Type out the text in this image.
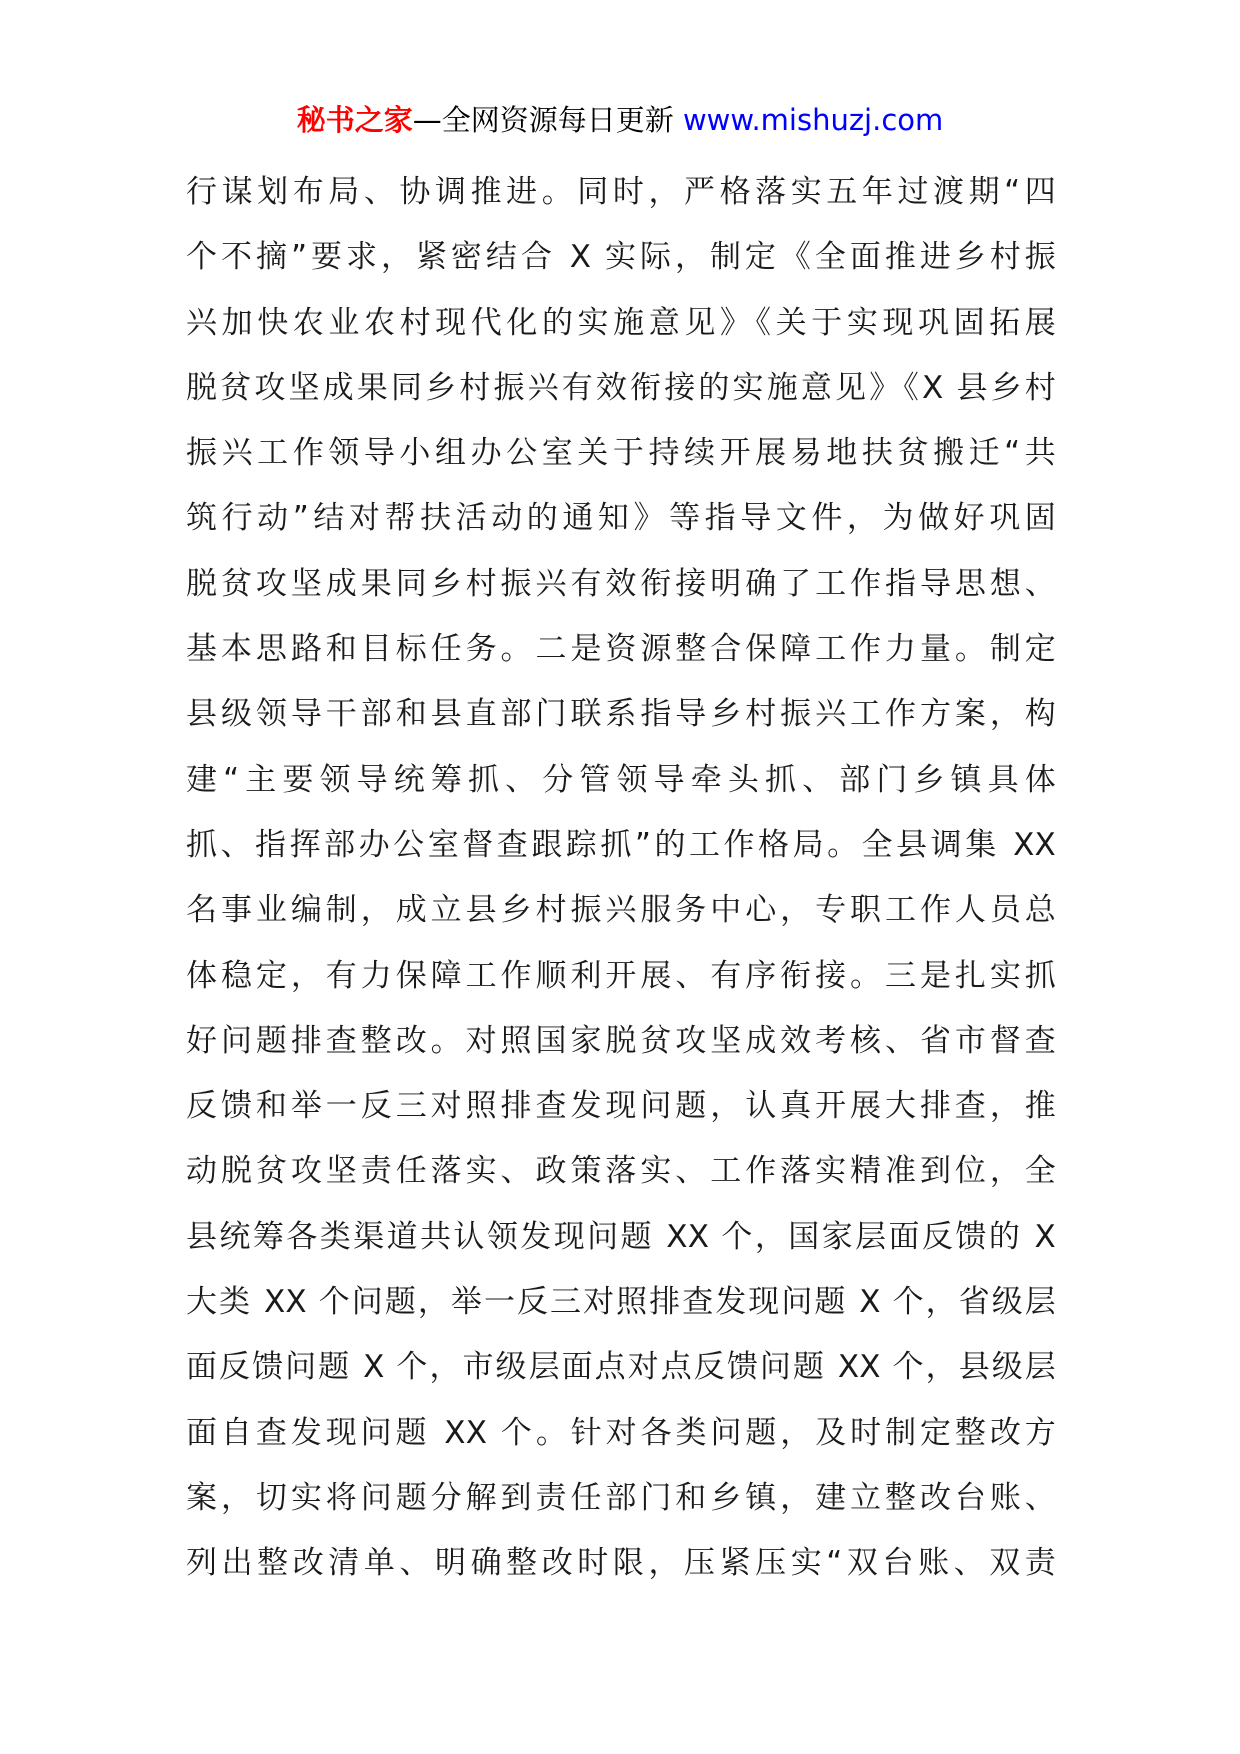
秘书之家—全网资源每日更新 www.mishuzj.com
行谋划布局、协调推进。同时，严格落实五年过渡期“四
个不摘”要求，紧密结合 X 实际，制定《全面推进乡村振
兴加快农业农村现代化的实施意见》《关于实现巩固拓展
脱贫攻坚成果同乡村振兴有效衔接的实施意见》《X 县乡村
振兴工作领导小组办公室关于持续开展易地扶贫搬迁“共
筑行动”结对帮扶活动的通知》等指导文件，为做好巩固
脱贫攻坚成果同乡村振兴有效衔接明确了工作指导思想、
基本思路和目标任务。二是资源整合保障工作力量。制定
县级领导干部和县直部门联系指导乡村振兴工作方案，构
建“主要领导统筹抓、分管领导牵头抓、部门乡镇具体
抓、指挥部办公室督查跟踪抓”的工作格局。全县调集 XX
名事业编制，成立县乡村振兴服务中心，专职工作人员总
体稳定，有力保障工作顺利开展、有序衔接。三是扎实抓
好问题排查整改。对照国家脱贫攻坚成效考核、省市督查
反馈和举一反三对照排查发现问题，认真开展大排查，推
动脱贫攻坚责任落实、政策落实、工作落实精准到位，全
县统筹各类渠道共认领发现问题 XX 个，国家层面反馈的 X
大类 XX 个问题，举一反三对照排查发现问题 X 个，省级层
面反馈问题 X 个，市级层面点对点反馈问题 XX 个，县级层
面自查发现问题 XX 个。针对各类问题，及时制定整改方
案，切实将问题分解到责任部门和乡镇，建立整改台账、
列出整改清单、明确整改时限，压紧压实“双台账、双责
